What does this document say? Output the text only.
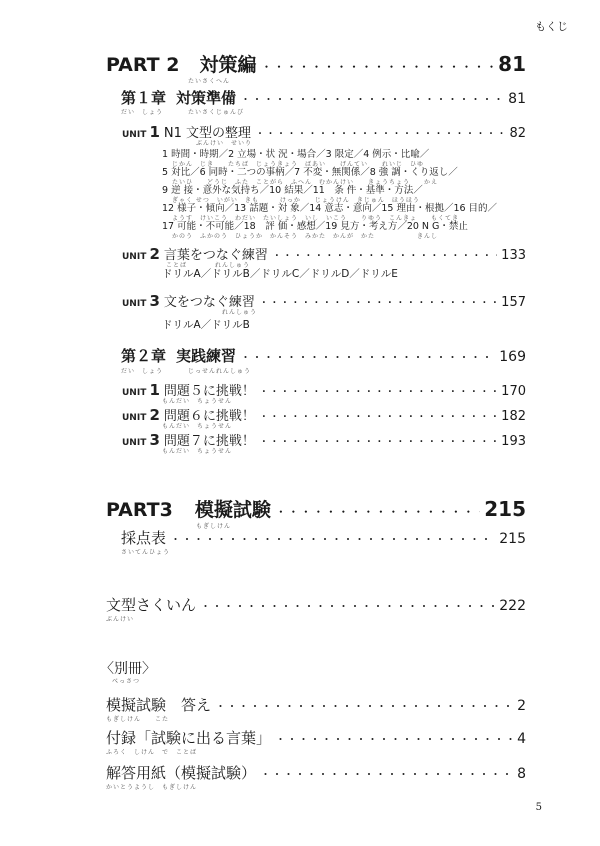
もくじ
PART 2 対策編 ・・・・・・・・・・・・・・・・・・・・・・・・・・・・・・・・・・・・・・・・・・・・・・・・・・・・・・・・・・・・・・・・・・・・・・・・・・・・・・・・・・・・・・・・・・・	81
たいさくへん
第１章 対策準備 ・・・・・・・・・・・・・・・・・・・・・・・・・・・・・・・・・・・・・・・・・・・・・・・・・・・・・・・・・・・・・・・・・・・・・・・・・・・・・・・・・・・・・・・・・・・	81
だい　しょう	たいさくじゅんび
UNIT 1 N1 文型の整理 ・・・・・・・・・・・・・・・・・・・・・・・・・・・・・・・・・・・・・・・・・・・・・・・・・・・・・・・・・・・・・・・・・・・・・・・・・・・・・・・・・・・・・・・・・・・	82
ぶんけい　せいり
1 時間・時期／2 立場・状 況・場合／3 限定／4 例示・比喩／
じかん　じき　　たちば　じょうきょう　ばあい　　げんてい　　れいじ　ひゆ
5 対比／6 同時・二つの事柄／7 不変・無関係／8 強 調・くり返し／
たいひ　　どうじ　ふた　ことがら　ふへん　むかんけい　　きょうちょう　　かえ
9 逆 接・意外な気持ち／10 結果／11　条 件・基準・方法／
ぎゃく せつ　いがい　きも　　　けっか　　じょうけん　きじゅん　ほうほう
12 様子・傾向／13 話題・対 象／14 意志・意向／15 理由・根拠／16 目的／
ようす　けいこう　わだい　たいしょう　いし　いこう　　りゆう　こんきょ　　もくてき
17 可能・不可能／18　評 価・感想／19 見方・考え方／20 N G・禁止
かのう　ふかのう　ひょうか　かんそう　みかた　かんが　かた　　　　　　きんし
UNIT 2 言葉をつなぐ練習 ・・・・・・・・・・・・・・・・・・・・・・・・・・・・・・・・・・・・・・・・・・・・・・・・・・・・・・・・・・・・・・・・・・・・・・・・・・・・・・・・・・・・・・・・・・・	133
ことば　　　　れんしゅう
ドリルA／ドリルB／ドリルC／ドリルD／ドリルE
UNIT 3 文をつなぐ練習 ・・・・・・・・・・・・・・・・・・・・・・・・・・・・・・・・・・・・・・・・・・・・・・・・・・・・・・・・・・・・・・・・・・・・・・・・・・・・・・・・・・・・・・・・・・・	157
れんしゅう
ドリルA／ドリルB
第２章 実践練習 ・・・・・・・・・・・・・・・・・・・・・・・・・・・・・・・・・・・・・・・・・・・・・・・・・・・・・・・・・・・・・・・・・・・・・・・・・・・・・・・・・・・・・・・・・・・	169
だい　しょう	じっせんれんしゅう
UNIT 1 問題５に挑戦！ ・・・・・・・・・・・・・・・・・・・・・・・・・・・・・・・・・・・・・・・・・・・・・・・・・・・・・・・・・・・・・・・・・・・・・・・・・・・・・・・・・・・・・・・・・・・	170
もんだい　ちょうせん
UNIT 2 問題６に挑戦！ ・・・・・・・・・・・・・・・・・・・・・・・・・・・・・・・・・・・・・・・・・・・・・・・・・・・・・・・・・・・・・・・・・・・・・・・・・・・・・・・・・・・・・・・・・・・	182
もんだい　ちょうせん
UNIT 3 問題７に挑戦！ ・・・・・・・・・・・・・・・・・・・・・・・・・・・・・・・・・・・・・・・・・・・・・・・・・・・・・・・・・・・・・・・・・・・・・・・・・・・・・・・・・・・・・・・・・・・	193
もんだい　ちょうせん
PART3 模擬試験 ・・・・・・・・・・・・・・・・・・・・・・・・・・・・・・・・・・・・・・・・・・・・・・・・・・・・・・・・・・・・・・・・・・・・・・・・・・・・・・・・・・・・・・・・・・・	215
もぎしけん
採点表 ・・・・・・・・・・・・・・・・・・・・・・・・・・・・・・・・・・・・・・・・・・・・・・・・・・・・・・・・・・・・・・・・・・・・・・・・・・・・・・・・・・・・・・・・・・・	215
さいてんひょう
文型さくいん ・・・・・・・・・・・・・・・・・・・・・・・・・・・・・・・・・・・・・・・・・・・・・・・・・・・・・・・・・・・・・・・・・・・・・・・・・・・・・・・・・・・・・・・・・・・	222
ぶんけい
〈別冊〉
べっさつ
模擬試験　答え ・・・・・・・・・・・・・・・・・・・・・・・・・・・・・・・・・・・・・・・・・・・・・・・・・・・・・・・・・・・・・・・・・・・・・・・・・・・・・・・・・・・・・・・・・・・	2
もぎしけん　　こた
付録「試験に出る言葉」 ・・・・・・・・・・・・・・・・・・・・・・・・・・・・・・・・・・・・・・・・・・・・・・・・・・・・・・・・・・・・・・・・・・・・・・・・・・・・・・・・・・・・・・・・・・・	4
ふろく　しけん　で　ことば
解答用紙（模擬試験） ・・・・・・・・・・・・・・・・・・・・・・・・・・・・・・・・・・・・・・・・・・・・・・・・・・・・・・・・・・・・・・・・・・・・・・・・・・・・・・・・・・・・・・・・・・・	8
かいとうようし　もぎしけん
5
